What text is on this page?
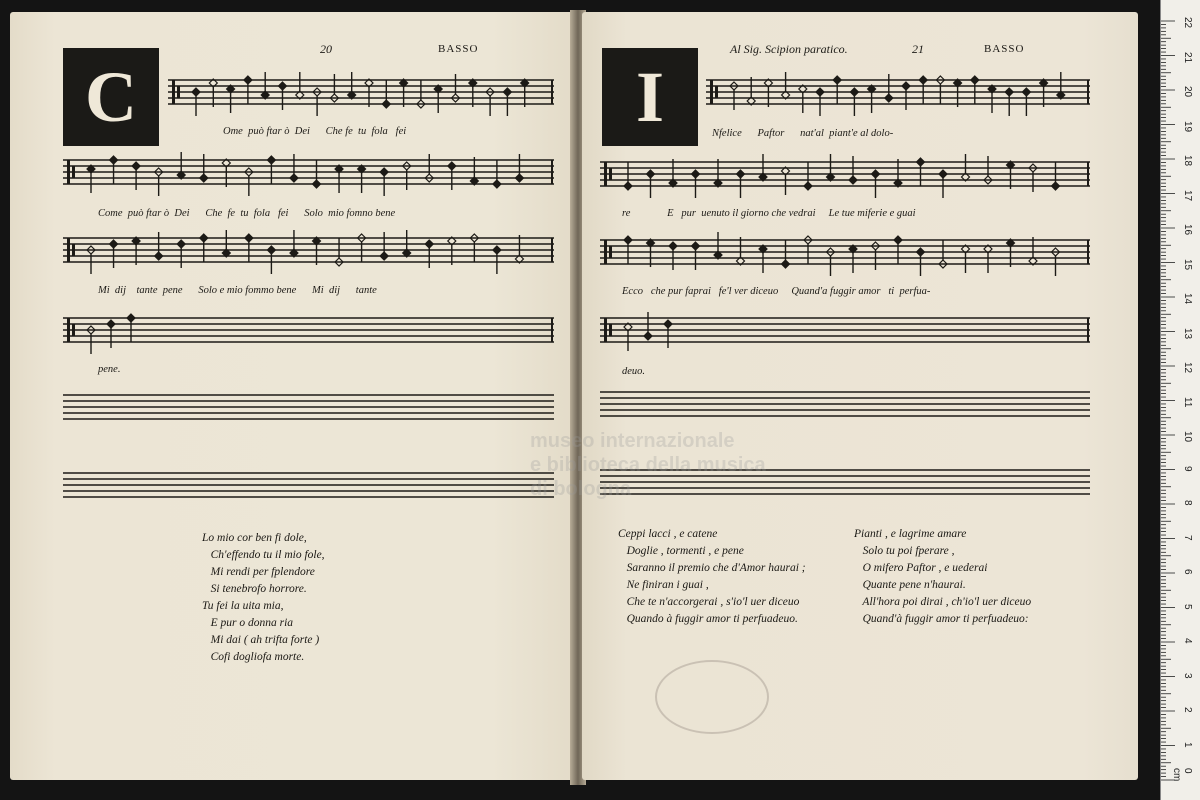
20	BASSO
C	Ome  può ftar ò  Dei      Che fe  tu  fola   fei
Come  può ftar ò  Dei      Che  fe  tu  fola   fei      Solo  mio fomno bene
Mi  dij    tante  pene      Solo e mio fommo bene      Mi  dij      tante
pene.
Lo mio cor ben fi dole,
Ch'effendo tu il mio fole,
Mi rendi per fplendore
Si tenebrofo horrore.
Tu fei la uita mia,
E pur o donna ria
Mi dai ( ah trifta forte )
Cofi dogliofa morte.
Al Sig. Scipion paratico.	21	BASSO
I	Nfelice      Paftor      nat'al  piant'e al dolo-
re              E   pur  uenuto il giorno che vedrai     Le tue miferie e guai
Ecco   che pur faprai   fe'l ver diceuo     Quand'a fuggir amor   ti  perfua-
deuo.
Ceppi lacci , e catene
Doglie , tormenti , e pene
Saranno il premio che d'Amor haurai ;
Ne finiran i guai ,
Che te n'accorgerai , s'io'l uer diceuo
Quando à fuggir amor ti perfuadeuo.
Pianti , e lagrime amare
Solo tu poi fperare ,
O mifero Paftor , e uederai
Quante pene n'haurai.
All'hora poi dirai , ch'io'l uer diceuo
Quand'à fuggir amor ti perfuadeuo:
museo internazionale
e biblioteca della musica
di bologna
1
2
3
4
5
6
7
8
9
10
11
12
13
14
15
16
17
18
19
20
21
22
0 cm
